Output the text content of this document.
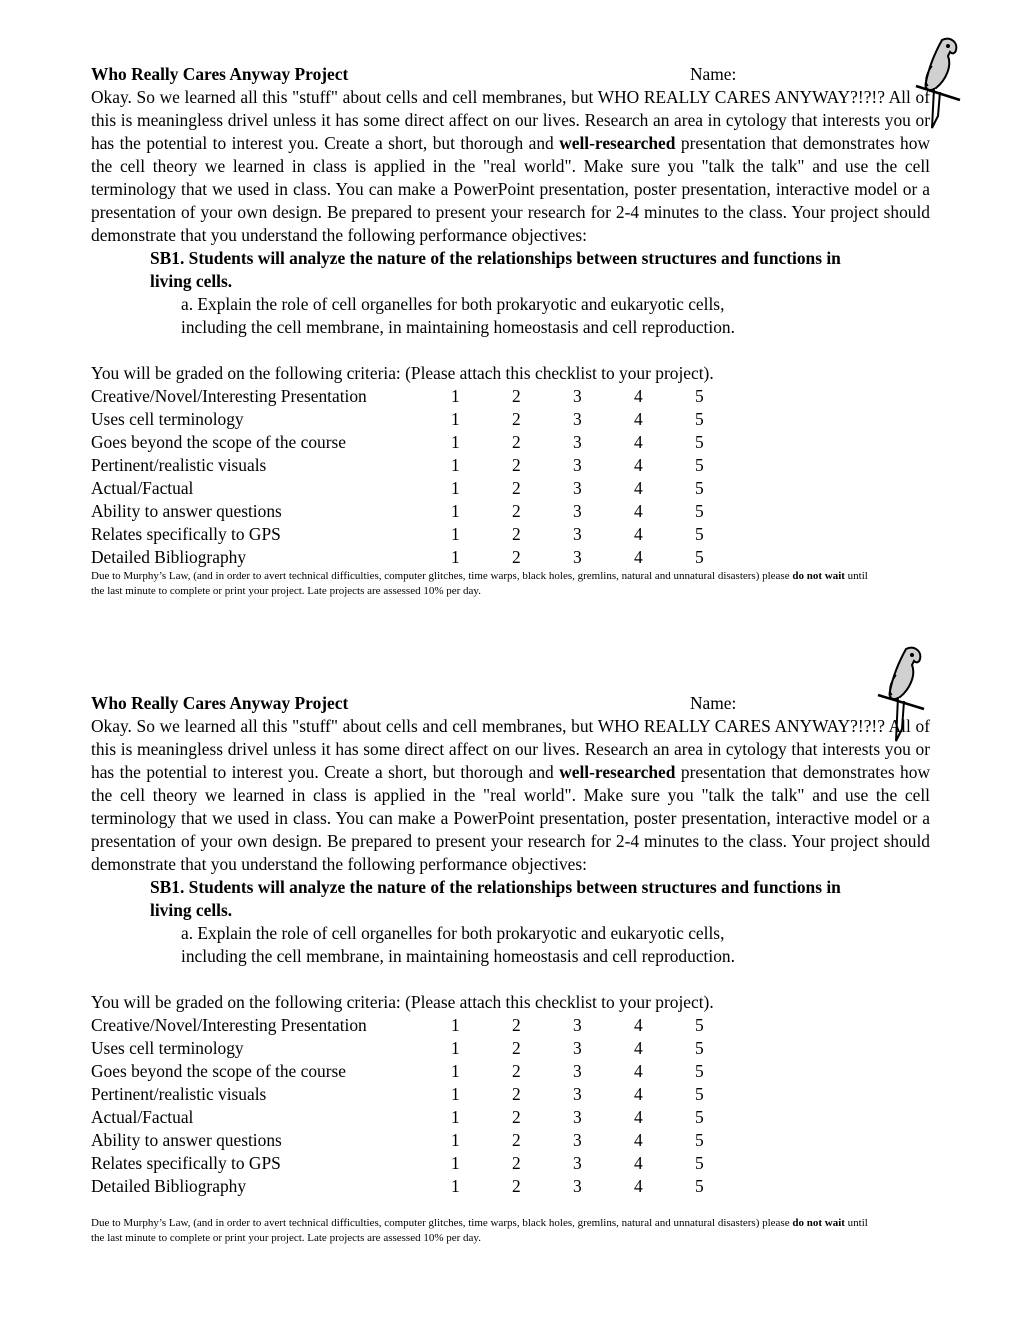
Who Really Cares Anyway Project	Name:

Okay. So we learned all this "stuff" about cells and cell membranes, but WHO REALLY CARES ANYWAY?!?!? All of this is meaningless drivel unless it has some direct affect on our lives. Research an area in cytology that interests you or has the potential to interest you. Create a short, but thorough and well-researched presentation that demonstrates how the cell theory we learned in class is applied in the "real world". Make sure you "talk the talk" and use the cell terminology that we used in class. You can make a PowerPoint presentation, poster presentation, interactive model or a presentation of your own design. Be prepared to present your research for 2-4 minutes to the class. Your project should demonstrate that you understand the following performance objectives:

SB1. Students will analyze the nature of the relationships between structures and functions in living cells.
a. Explain the role of cell organelles for both prokaryotic and eukaryotic cells,
including the cell membrane, in maintaining homeostasis and cell reproduction.

You will be graded on the following criteria: (Please attach this checklist to your project).

Creative/Novel/Interesting Presentation	1	2	3	4	5
Uses cell terminology	1	2	3	4	5
Goes beyond the scope of the course	1	2	3	4	5
Pertinent/realistic visuals	1	2	3	4	5
Actual/Factual	1	2	3	4	5
Ability to answer questions	1	2	3	4	5
Relates specifically to GPS	1	2	3	4	5
Detailed Bibliography	1	2	3	4	5

Due to Murphy’s Law, (and in order to avert technical difficulties, computer glitches, time warps, black holes, gremlins, natural and unnatural disasters) please do not wait until the last minute to complete or print your project. Late projects are assessed 10% per day.

Who Really Cares Anyway Project	Name:

Okay. So we learned all this "stuff" about cells and cell membranes, but WHO REALLY CARES ANYWAY?!?!? All of this is meaningless drivel unless it has some direct affect on our lives. Research an area in cytology that interests you or has the potential to interest you. Create a short, but thorough and well-researched presentation that demonstrates how the cell theory we learned in class is applied in the "real world". Make sure you "talk the talk" and use the cell terminology that we used in class. You can make a PowerPoint presentation, poster presentation, interactive model or a presentation of your own design. Be prepared to present your research for 2-4 minutes to the class. Your project should demonstrate that you understand the following performance objectives:

SB1. Students will analyze the nature of the relationships between structures and functions in living cells.
a. Explain the role of cell organelles for both prokaryotic and eukaryotic cells,
including the cell membrane, in maintaining homeostasis and cell reproduction.

You will be graded on the following criteria: (Please attach this checklist to your project).

Creative/Novel/Interesting Presentation	1	2	3	4	5
Uses cell terminology	1	2	3	4	5
Goes beyond the scope of the course	1	2	3	4	5
Pertinent/realistic visuals	1	2	3	4	5
Actual/Factual	1	2	3	4	5
Ability to answer questions	1	2	3	4	5
Relates specifically to GPS	1	2	3	4	5
Detailed Bibliography	1	2	3	4	5

Due to Murphy’s Law, (and in order to avert technical difficulties, computer glitches, time warps, black holes, gremlins, natural and unnatural disasters) please do not wait until the last minute to complete or print your project. Late projects are assessed 10% per day.
